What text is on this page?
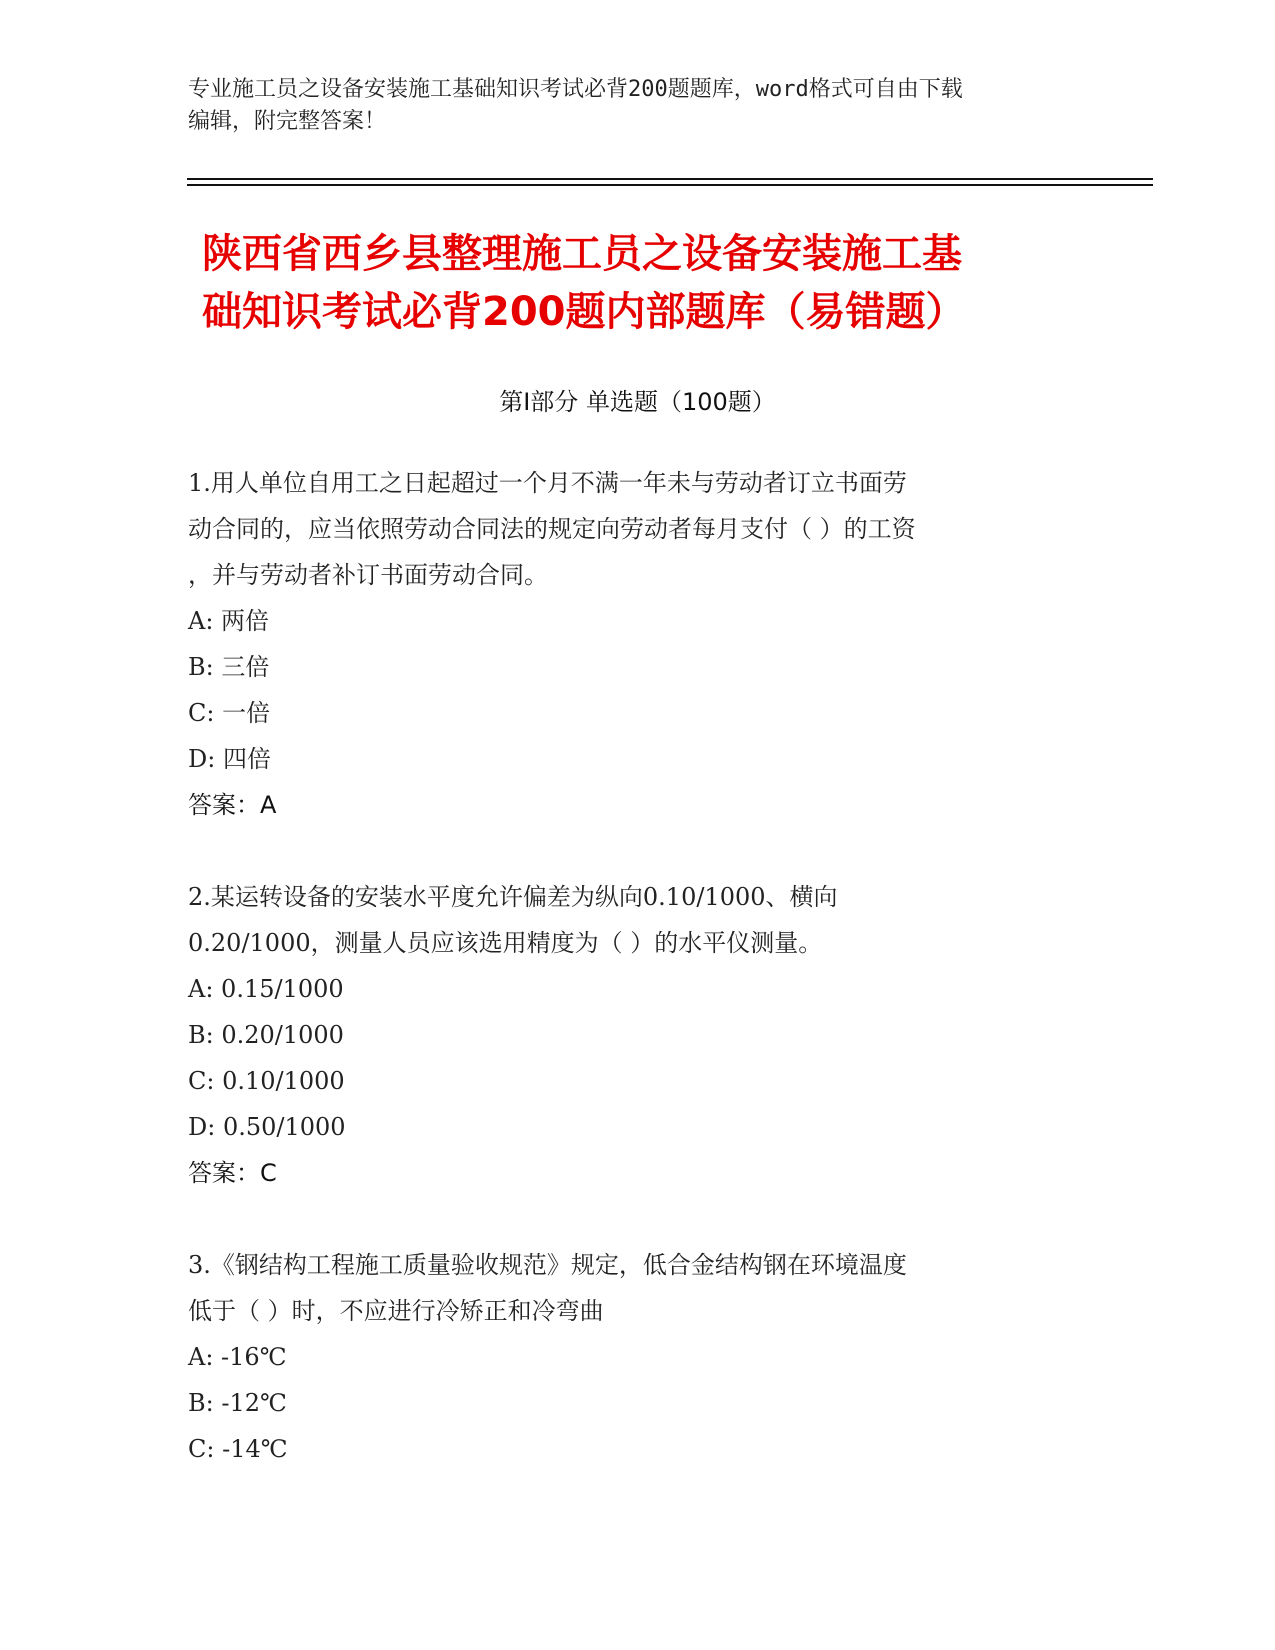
专业施工员之设备安装施工基础知识考试必背200题题库，word格式可自由下载
编辑，附完整答案！
陕西省西乡县整理施工员之设备安装施工基
础知识考试必背200题内部题库（易错题）
第Ⅰ部分 单选题（100题）
1.用人单位自用工之日起超过一个月不满一年未与劳动者订立书面劳
动合同的，应当依照劳动合同法的规定向劳动者每月支付（ ）的工资
，并与劳动者补订书面劳动合同。
A: 两倍
B: 三倍
C: 一倍
D: 四倍
答案：A
2.某运转设备的安装水平度允许偏差为纵向0.10/1000、横向
0.20/1000，测量人员应该选用精度为（ ）的水平仪测量。
A: 0.15/1000
B: 0.20/1000
C: 0.10/1000
D: 0.50/1000
答案：C
3.《钢结构工程施工质量验收规范》规定，低合金结构钢在环境温度
低于（ ）时，不应进行冷矫正和冷弯曲
A: -16℃
B: -12℃
C: -14℃
